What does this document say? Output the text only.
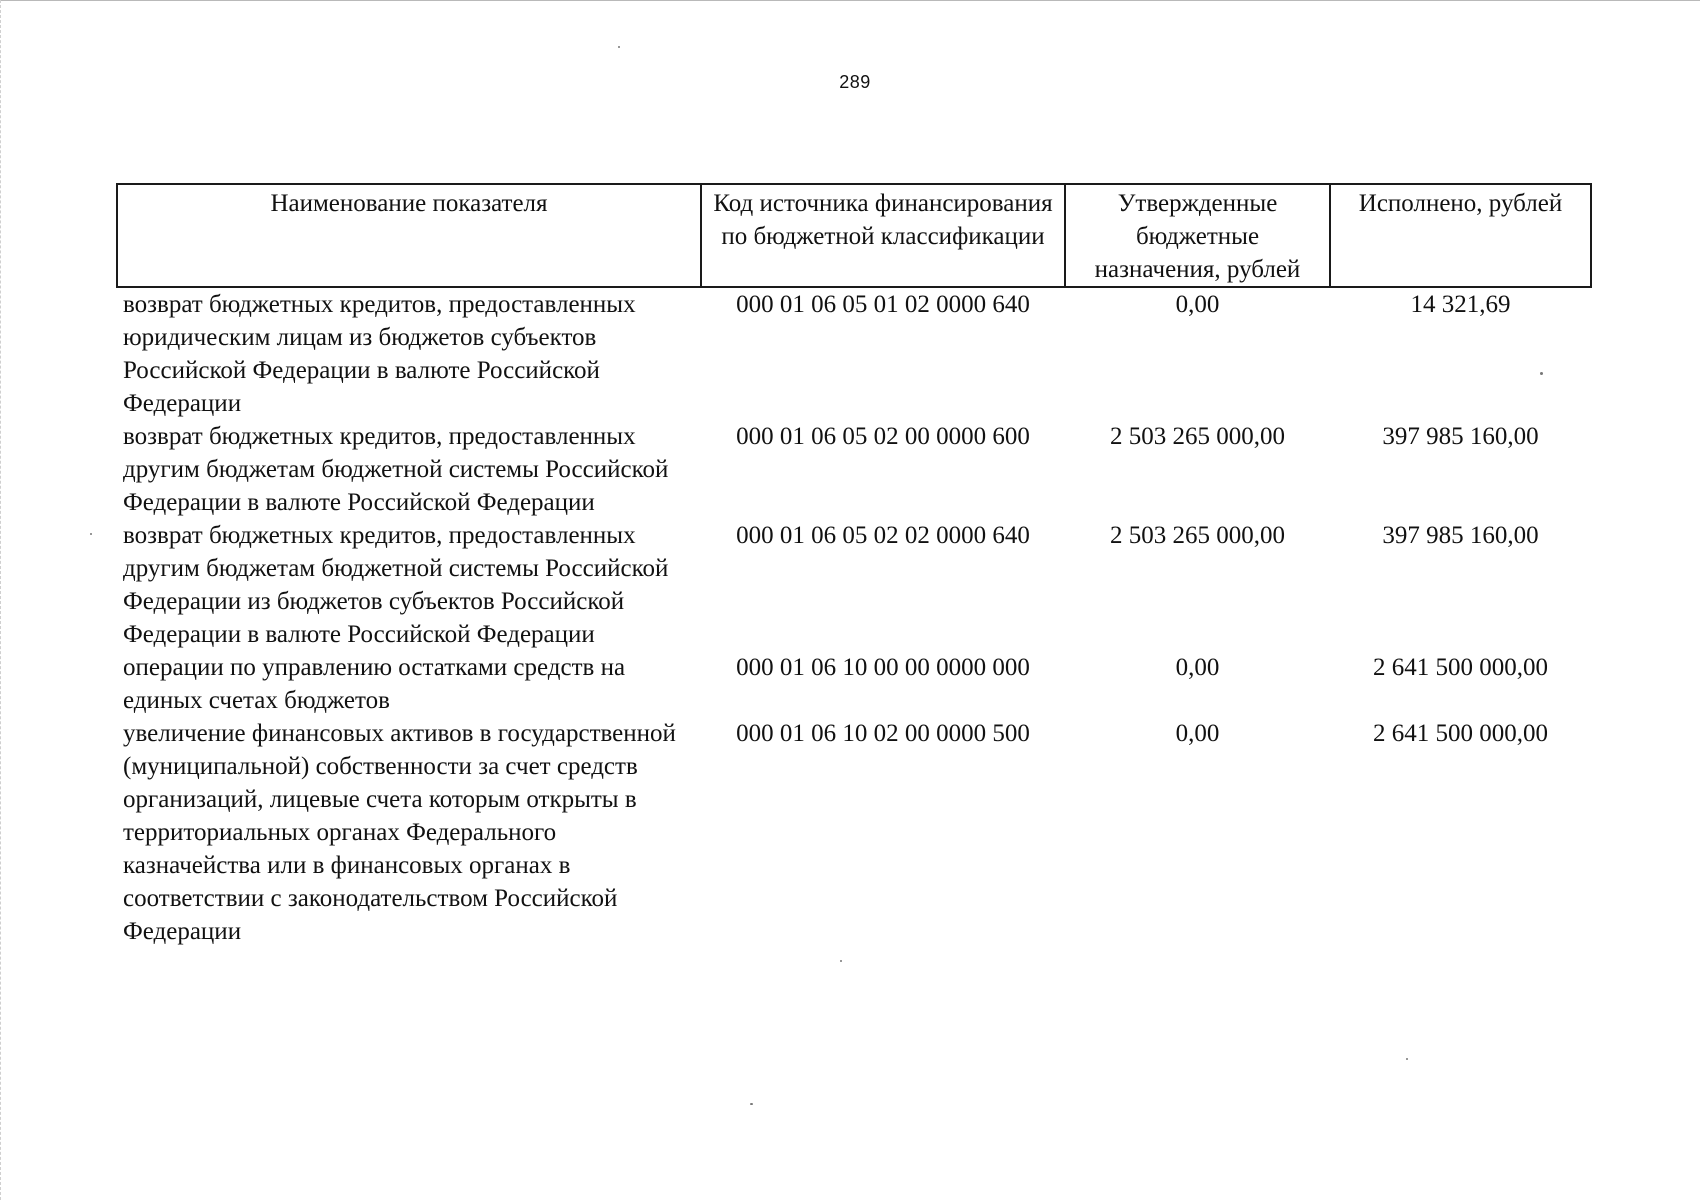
289
Наименование показателя	Код источника финансирования по бюджетной классификации	Утвержденные бюджетные назначения, рублей	Исполнено, рублей
возврат бюджетных кредитов, предоставленных юридическим лицам из бюджетов субъектов Российской Федерации в валюте Российской Федерации	000 01 06 05 01 02 0000 640	0,00	14 321,69
возврат бюджетных кредитов, предоставленных другим бюджетам бюджетной системы Российской Федерации в валюте Российской Федерации	000 01 06 05 02 00 0000 600	2 503 265 000,00	397 985 160,00
возврат бюджетных кредитов, предоставленных другим бюджетам бюджетной системы Российской Федерации из бюджетов субъектов Российской Федерации в валюте Российской Федерации	000 01 06 05 02 02 0000 640	2 503 265 000,00	397 985 160,00
операции по управлению остатками средств на единых счетах бюджетов	000 01 06 10 00 00 0000 000	0,00	2 641 500 000,00
увеличение финансовых активов в государственной (муниципальной) собственности за счет средств организаций, лицевые счета которым открыты в территориальных органах Федерального казначейства или в финансовых органах в соответствии с законодательством Российской Федерации	000 01 06 10 02 00 0000 500	0,00	2 641 500 000,00
